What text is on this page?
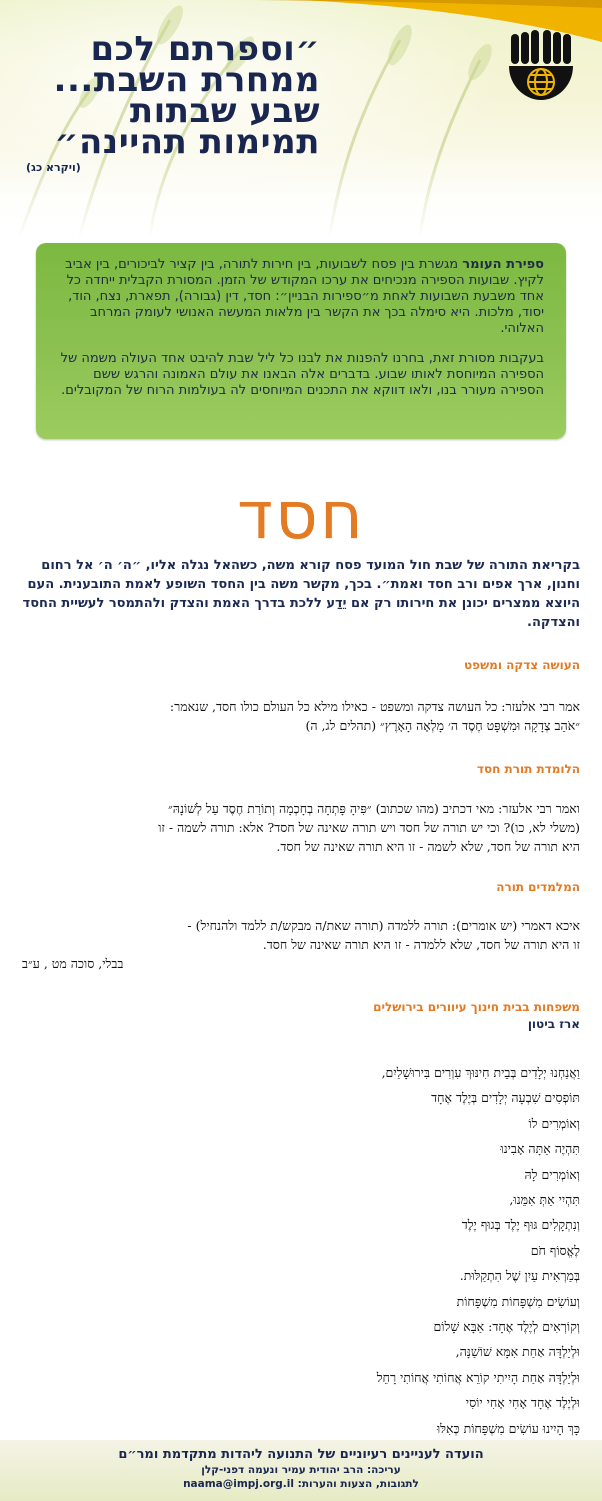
״וספרתם לכם
ממחרת השבת...
שבע שבתות
תמימות תהיינה״
(ויקרא כג)

ספירת העומר מגשרת בין פסח לשבועות, בין חירות לתורה, בין קציר לביכורים, בין אביב לקיץ. שבועות הספירה מנכיחים את ערכו המקודש של הזמן. המסורת הקבלית ייחדה כל אחד משבעת השבועות לאחת מ״ספירות הבניין״: חסד, דין (גבורה), תפארת, נצח, הוד, יסוד, מלכות. היא סימלה בכך את הקשר בין מלאות המעשה האנושי לעומק המרחב האלוהי.

בעקבות מסורת זאת, בחרנו להפנות את לבנו כל ליל שבת להיבט אחד העולה משמה של הספירה המיוחסת לאותו שבוע. בדברים אלה הבאנו את עולם האמונה והרגש ששם הספירה מעורר בנו, ולאו דווקא את התכנים המיוחסים לה בעולמות הרוח של המקובלים.

חסד
בקריאת התורה של שבת חול המועד פסח קורא משה, כשהאל נגלה אליו, ״ה׳ ה׳ אל רחום וחנון, ארך אפים ורב חסד ואמת״. בכך, מקשר משה בין החסד השופע לאמת התובענית. העם היוצא ממצרים יכונן את חירותו רק אם יֵדַע ללכת בדרך האמת והצדק ולהתמסר לעשיית החסד והצדקה.
העושה צדקה ומשפט
אמר רבי אלעזר: כל העושה צדקה ומשפט - כאילו מילא כל העולם כולו חסד, שנאמר:
״אֹהֵב צְדָקָה וּמִשְׁפָּט חֶסֶד ה׳ מָלְאָה הָאָרֶץ״ (תהלים לג, ה)
הלומדת תורת חסד
ואמר רבי אלעזר: מאי דכתיב (מהו שכתוב) ״פִּיהָ פָּתְחָה בְחָכְמָה וְתוֹרַת חֶסֶד עַל לְשׁוֹנָהּ״
(משלי לא, כו)? וכי יש תורה של חסד ויש תורה שאינה של חסד? אלא: תורה לשמה - זו
היא תורה של חסד, שלא לשמה - זו היא תורה שאינה של חסד.
המלמדים תורה
איכא דאמרי (יש אומרים): תורה ללמדה (תורה שאת/ה מבקש/ת ללמד ולהנחיל) -
זו היא תורה של חסד, שלא ללמדה - זו היא תורה שאינה של חסד.
בבלי, סוכה מט , ע״ב
משפחות בבית חינוך עיוורים בירושלים
ארז ביטון
וַאֲנַחְנוּ יְלָדִים בְּבֵית חִינּוּךְ עִוְרִים בִּירוּשָׁלַיִם,
תּוֹפְסִים שִׁבְעָה יְלָדִים בְּיֶלֶד אֶחָד
וְאוֹמְרִים לוֹ
תִּהְיֶה אַתָּה אָבִינוּ
וְאוֹמְרִים לָהּ
תִּהְיִי אַתְּ אִמֵּנוּ,
וְנִתְקָלִים גּוּף יֶלֶד בְּגוּף יֶלֶד
לֶאֱסוֹף חֹם
בְּמַרְאִית עַיִן שֶׁל הִתְקַלּוּת.
וְעוֹשִׂים מִשְׁפָּחוֹת מִשְׁפָּחוֹת
וְקוֹרְאִים לְיֶלֶד אֶחָד: אַבָּא שָׁלוֹם
וּלְיַלְדָּה אַחַת אִמָּא שׁוֹשַׁנָּה,
וּלְיַלְדָּה אַחַת הָיִיתִי קוֹרֵא אֲחוֹתִי אֲחוֹתִי רָחֵל
וּלְיֶלֶד אֶחָד אָחִי אָחִי יוֹסִי
כָּךְ הָיִינוּ עוֹשִׂים מִשְׁפָּחוֹת כְּאִלּוּ
הועדה לעניינים רעיוניים של התנועה ליהדות מתקדמת ומר״ם
עריכה: הרב יהודית עמיר ונעמה דפני-קלן
לתגובות, הצעות והערות: naama@impj.org.il
